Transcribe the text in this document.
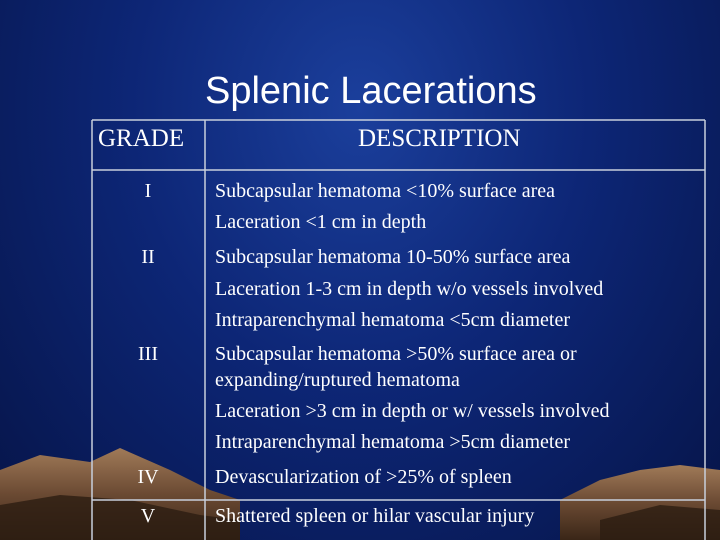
Splenic Lacerations
GRADE	DESCRIPTION
I	Subcapsular hematoma <10% surface area
Laceration <1 cm in depth
II	Subcapsular hematoma 10-50% surface area
Laceration 1-3 cm in depth w/o vessels involved
Intraparenchymal hematoma <5cm diameter
III	Subcapsular hematoma >50% surface area or
expanding/ruptured hematoma
Laceration >3 cm in depth or w/ vessels involved
Intraparenchymal hematoma >5cm diameter
IV	Devascularization of >25% of spleen
V	Shattered spleen or hilar vascular injury
